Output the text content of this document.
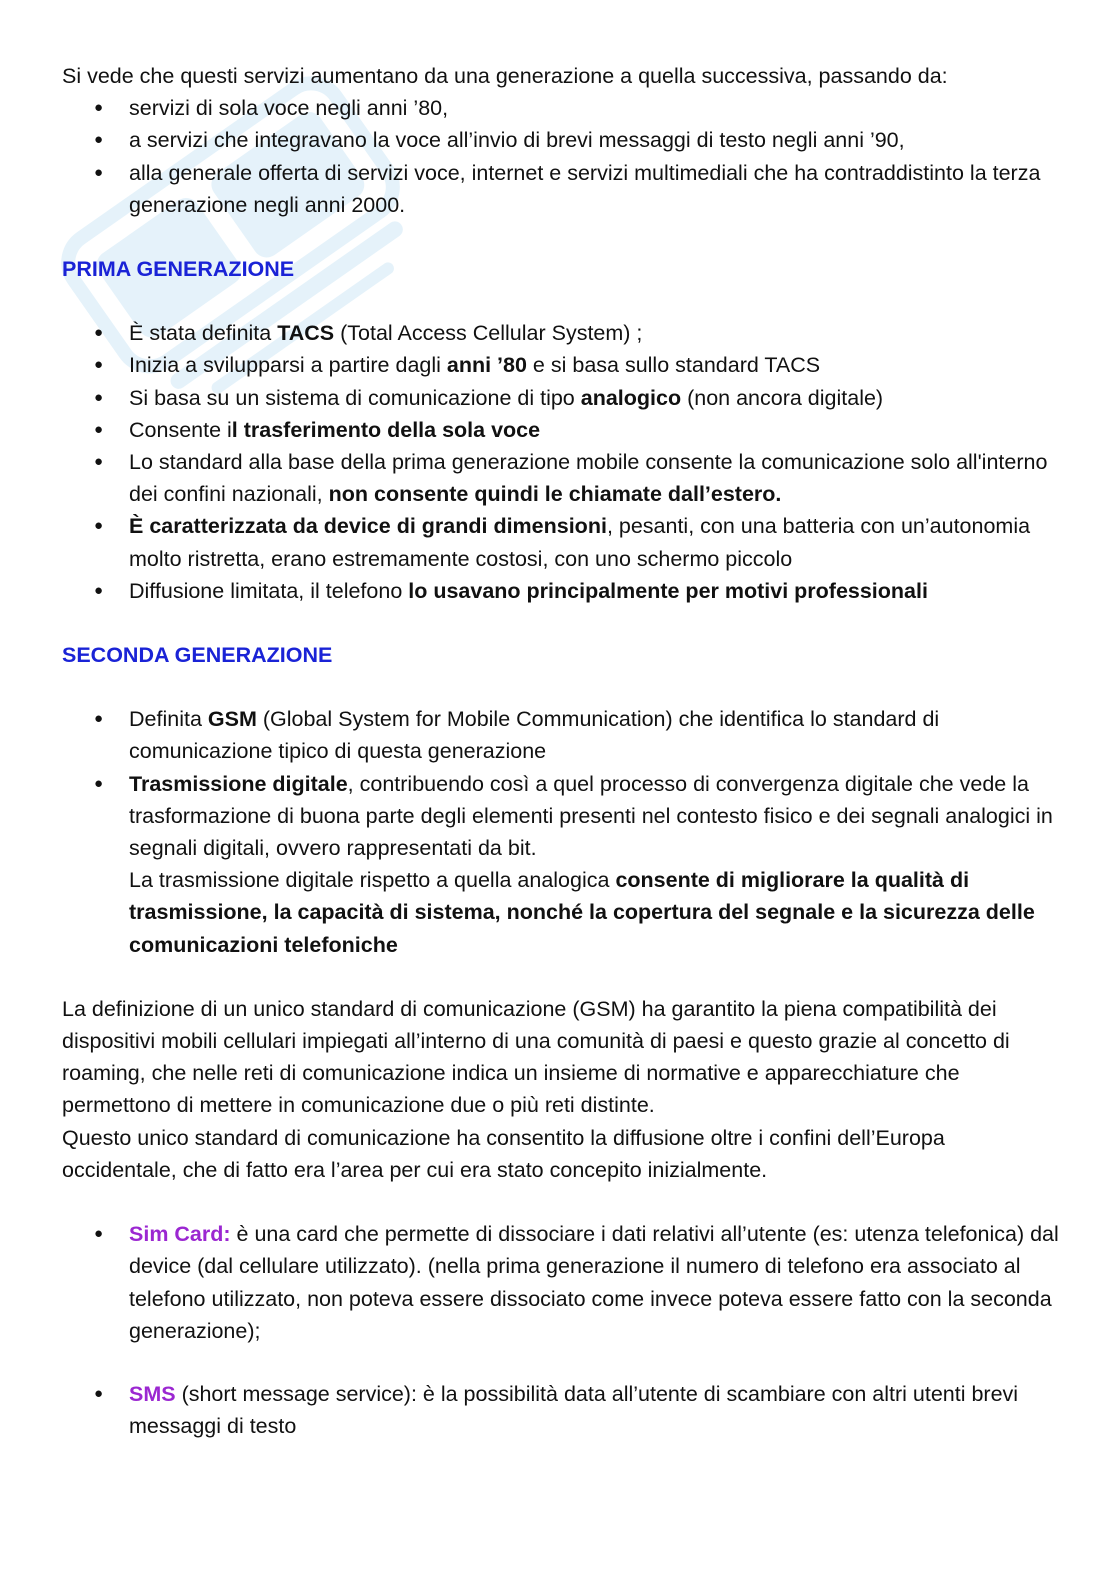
Si vede che questi servizi aumentano da una generazione a quella successiva, passando da:

● servizi di sola voce negli anni ’80,
● a servizi che integravano la voce all’invio di brevi messaggi di testo negli anni ’90,
● alla generale offerta di servizi voce, internet e servizi multimediali che ha contraddistinto la terza generazione negli anni 2000.
PRIMA GENERAZIONE
● È stata definita TACS (Total Access Cellular System) ;
● Inizia a svilupparsi a partire dagli anni ’80 e si basa sullo standard TACS
● Si basa su un sistema di comunicazione di tipo analogico (non ancora digitale)
● Consente il trasferimento della sola voce
● Lo standard alla base della prima generazione mobile consente la comunicazione solo all'interno dei confini nazionali, non consente quindi le chiamate dall’estero.
● È caratterizzata da device di grandi dimensioni, pesanti, con una batteria con un’autonomia molto ristretta, erano estremamente costosi, con uno schermo piccolo
● Diffusione limitata, il telefono lo usavano principalmente per motivi professionali
SECONDA GENERAZIONE
● Definita GSM (Global System for Mobile Communication) che identifica lo standard di comunicazione tipico di questa generazione
● Trasmissione digitale, contribuendo così a quel processo di convergenza digitale che vede la trasformazione di buona parte degli elementi presenti nel contesto fisico e dei segnali analogici in segnali digitali, ovvero rappresentati da bit.
La trasmissione digitale rispetto a quella analogica consente di migliorare la qualità di trasmissione, la capacità di sistema, nonché la copertura del segnale e la sicurezza delle comunicazioni telefoniche

La definizione di un unico standard di comunicazione (GSM) ha garantito la piena compatibilità dei dispositivi mobili cellulari impiegati all’interno di una comunità di paesi e questo grazie al concetto di roaming, che nelle reti di comunicazione indica un insieme di normative e apparecchiature che permettono di mettere in comunicazione due o più reti distinte.

Questo unico standard di comunicazione ha consentito la diffusione oltre i confini dell’Europa occidentale, che di fatto era l’area per cui era stato concepito inizialmente.

● Sim Card: è una card che permette di dissociare i dati relativi all’utente (es: utenza telefonica) dal device (dal cellulare utilizzato). (nella prima generazione il numero di telefono era associato al telefono utilizzato, non poteva essere dissociato come invece poteva essere fatto con la seconda generazione);
● SMS (short message service): è la possibilità data all’utente di scambiare con altri utenti brevi messaggi di testo
